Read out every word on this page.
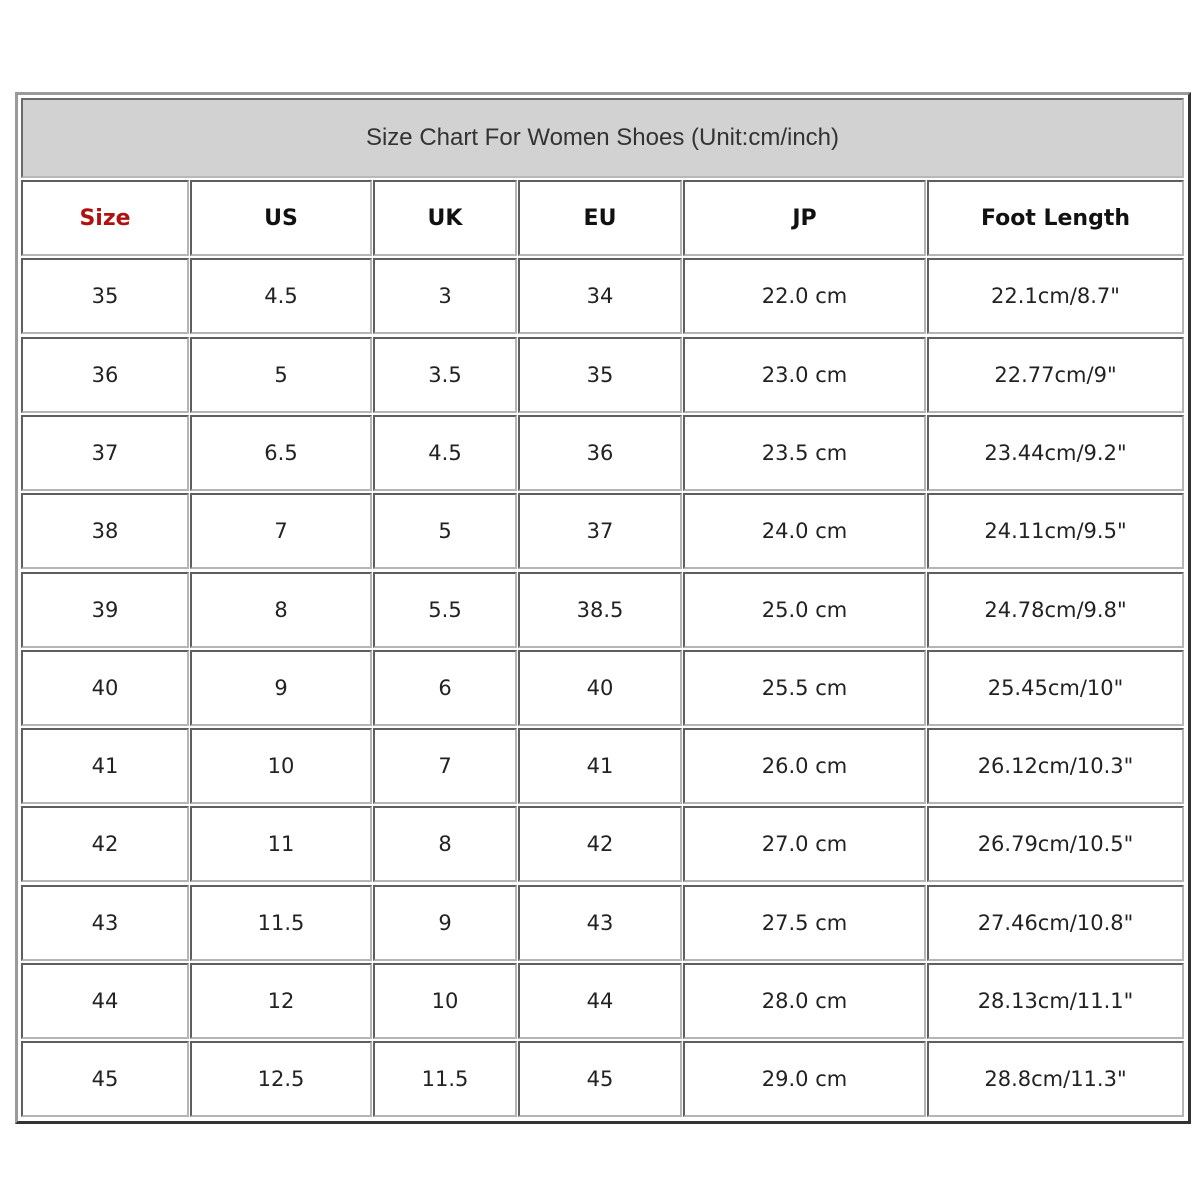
Size Chart For Women Shoes (Unit:cm/inch)
Size	US	UK	EU	JP	Foot Length
35	4.5	3	34	22.0 cm	22.1cm/8.7"
36	5	3.5	35	23.0 cm	22.77cm/9"
37	6.5	4.5	36	23.5 cm	23.44cm/9.2"
38	7	5	37	24.0 cm	24.11cm/9.5"
39	8	5.5	38.5	25.0 cm	24.78cm/9.8"
40	9	6	40	25.5 cm	25.45cm/10"
41	10	7	41	26.0 cm	26.12cm/10.3"
42	11	8	42	27.0 cm	26.79cm/10.5"
43	11.5	9	43	27.5 cm	27.46cm/10.8"
44	12	10	44	28.0 cm	28.13cm/11.1"
45	12.5	11.5	45	29.0 cm	28.8cm/11.3"
